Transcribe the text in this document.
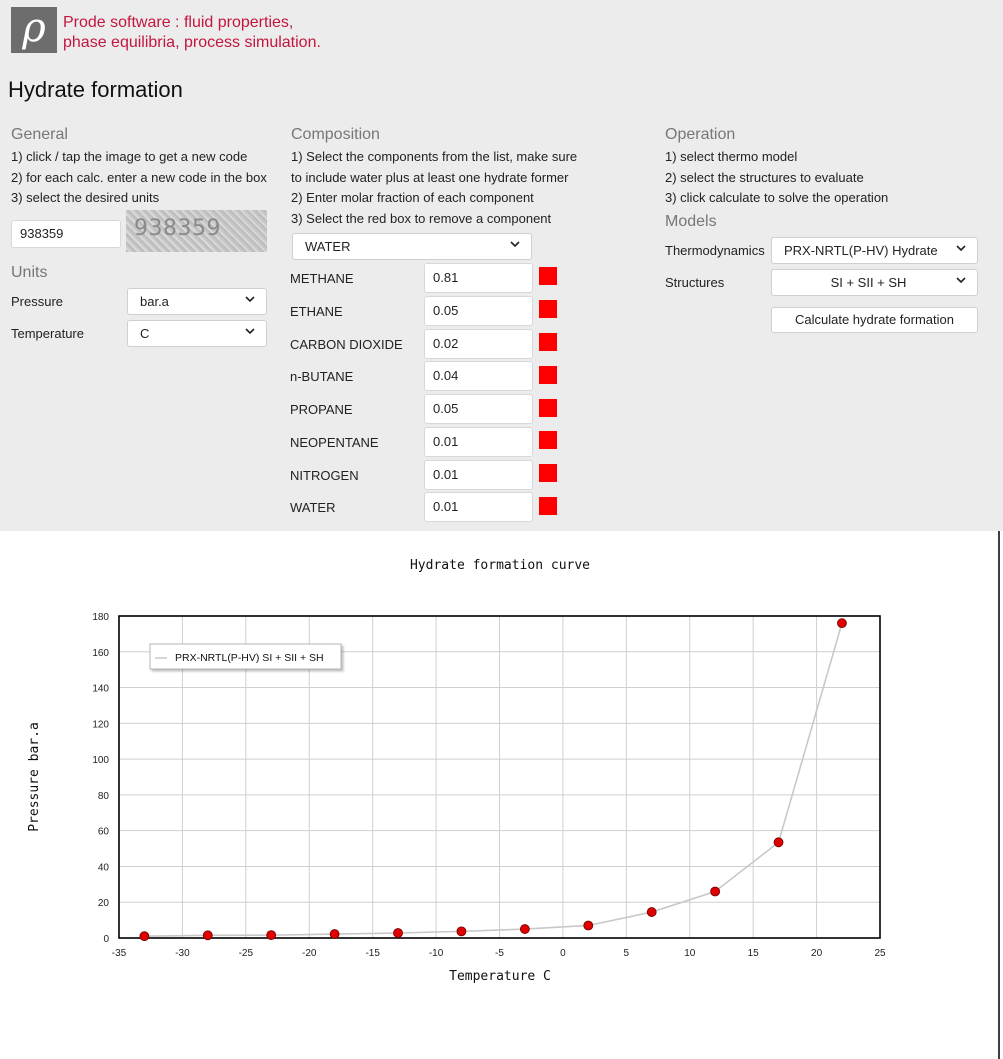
ρ	Prode software : fluid properties,
phase equilibria, process simulation.
Hydrate formation
General
1) click / tap the image to get a new code
2) for each calc. enter a new code in the box
3) select the desired units
938359	938359
Units
Pressure	bar.a
Temperature	C
Composition
1) Select the components from the list, make sure
to include water plus at least one hydrate former
2) Enter molar fraction of each component
3) Select the red box to remove a component
WATER
METHANE	0.81
ETHANE	0.05
CARBON DIOXIDE	0.02
n-BUTANE	0.04
PROPANE	0.05
NEOPENTANE	0.01
NITROGEN	0.01
WATER	0.01
Operation
1) select thermo model
2) select the structures to evaluate
3) click calculate to solve the operation
Models
Thermodynamics	PRX-NRTL(P-HV) Hydrate
Structures	SI + SII + SH
Calculate hydrate formation
Hydrate formation curve
-35	-30	-25	-20	-15	-10	-5	0	5	10	15	20	25
0
20
40
60
80
100
120
140
160
180
Temperature C
Pressure bar.a
PRX-NRTL(P-HV) SI + SII + SH
